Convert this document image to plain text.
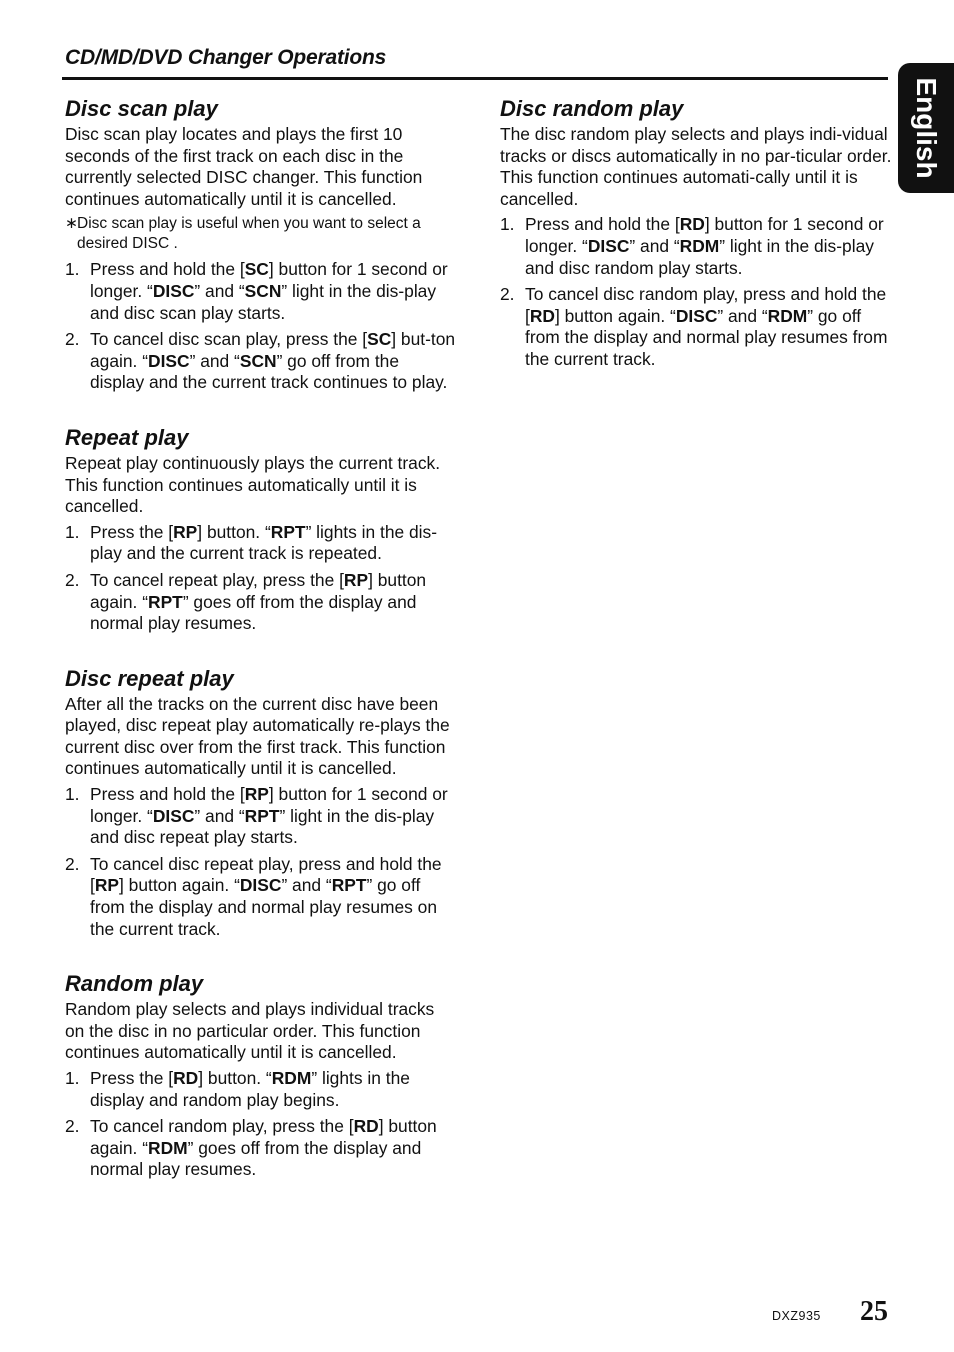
CD/MD/DVD Changer Operations
English
Disc scan play

Disc scan play locates and plays the first 10 seconds of the first track on each disc in the currently selected DISC changer. This function continues automatically until it is cancelled.

∗ Disc scan play is useful when you want to select a desired DISC .
1. Press and hold the [SC] button for 1 second or longer. “DISC” and “SCN” light in the dis-play and disc scan play starts.
2. To cancel disc scan play, press the [SC] but-ton again. “DISC” and “SCN” go off from the display and the current track continues to play.
Repeat play

Repeat play continuously plays the current track. This function continues automatically until it is cancelled.

1. Press the [RP] button. “RPT” lights in the dis-play and the current track is repeated.
2. To cancel repeat play, press the [RP] button again. “RPT” goes off from the display and normal play resumes.
Disc repeat play

After all the tracks on the current disc have been played, disc repeat play automatically re-plays the current disc over from the first track. This function continues automatically until it is cancelled.

1. Press and hold the [RP] button for 1 second or longer. “DISC” and “RPT” light in the dis-play and disc repeat play starts.
2. To cancel disc repeat play, press and hold the [RP] button again. “DISC” and “RPT” go off from the display and normal play resumes on the current track.
Random play

Random play selects and plays individual tracks on the disc in no particular order. This function continues automatically until it is cancelled.

1. Press the [RD] button. “RDM” lights in the display and random play begins.
2. To cancel random play, press the [RD] button again. “RDM” goes off from the display and normal play resumes.
Disc random play

The disc random play selects and plays indi-vidual tracks or discs automatically in no par-ticular order. This function continues automati-cally until it is cancelled.

1. Press and hold the [RD] button for 1 second or longer. “DISC” and “RDM” light in the dis-play and disc random play starts.
2. To cancel disc random play, press and hold the [RD] button again. “DISC” and “RDM” go off from the display and normal play resumes from the current track.
DXZ935 25
